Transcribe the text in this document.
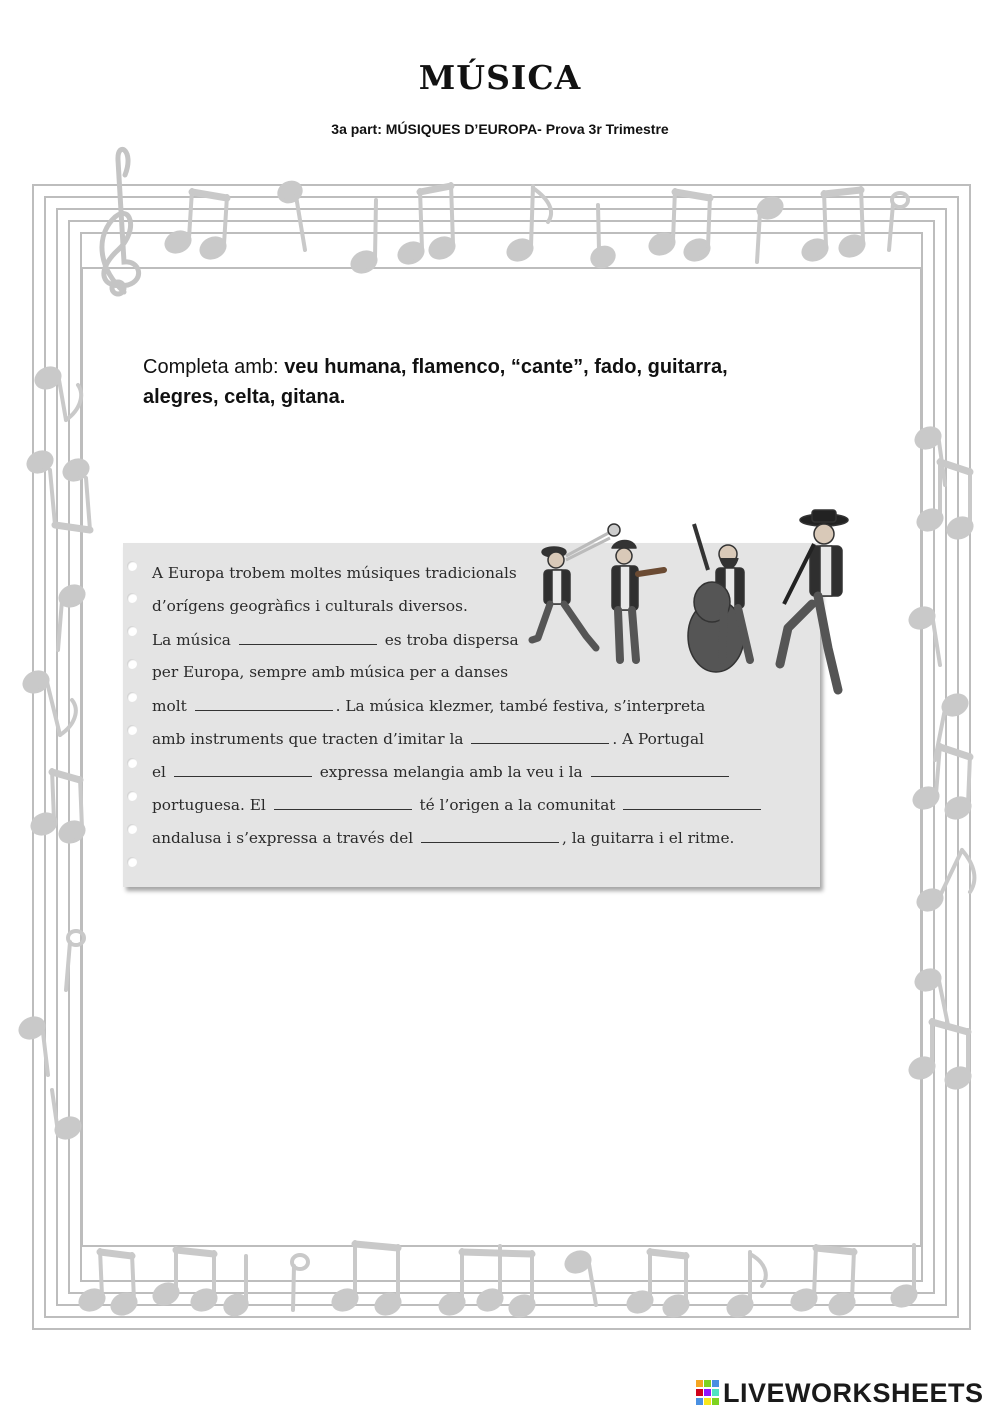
MÚSICA
3a part: MÚSIQUES D’EUROPA- Prova 3r Trimestre
Completa amb: veu humana, flamenco, “cante”, fado, guitarra,
alegres, celta, gitana.
A Europa trobem moltes músiques tradicionals
d’orígens geogràfics i culturals diversos.
La música	es troba dispersa
per Europa, sempre amb música per a danses
molt	. La música klezmer, també festiva, s’interpreta
amb instruments que tracten d’imitar la	. A Portugal
el	expressa melangia amb la veu i la
portuguesa. El	té l’origen a la comunitat
andalusa i s’expressa a través del	, la guitarra i el ritme.
LIVEWORKSHEETS
